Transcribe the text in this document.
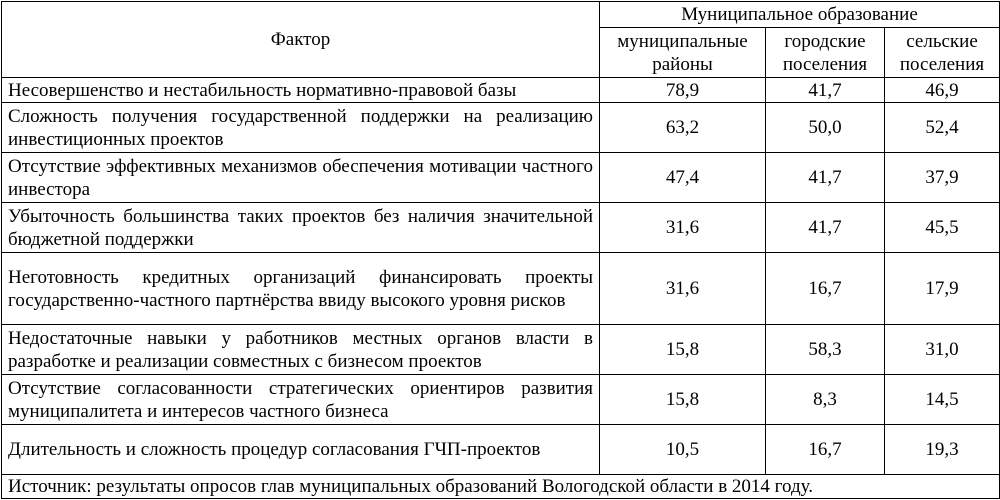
Фактор	Муниципальное образование		
	муниципальные районы	городские поселения	сельские поселения
Несовершенство и нестабильность нормативно-правовой базы	78,9	41,7	46,9
Сложность получения государственной поддержки на реализацию инвестиционных проектов	63,2	50,0	52,4
Отсутствие эффективных механизмов обеспечения мотивации частного инвестора	47,4	41,7	37,9
Убыточность большинства таких проектов без наличия значительной бюджетной поддержки	31,6	41,7	45,5
Неготовность кредитных организаций финансировать проекты государственно-частного партнёрства ввиду высокого уровня рисков	31,6	16,7	17,9
Недостаточные навыки у работников местных органов власти в разработке и реализации совместных с бизнесом проектов	15,8	58,3	31,0
Отсутствие согласованности стратегических ориентиров развития муниципалитета и интересов частного бизнеса	15,8	8,3	14,5
Длительность и сложность процедур согласования ГЧП-проектов	10,5	16,7	19,3
Источник: результаты опросов глав муниципальных образований Вологодской области в 2014 году.			
